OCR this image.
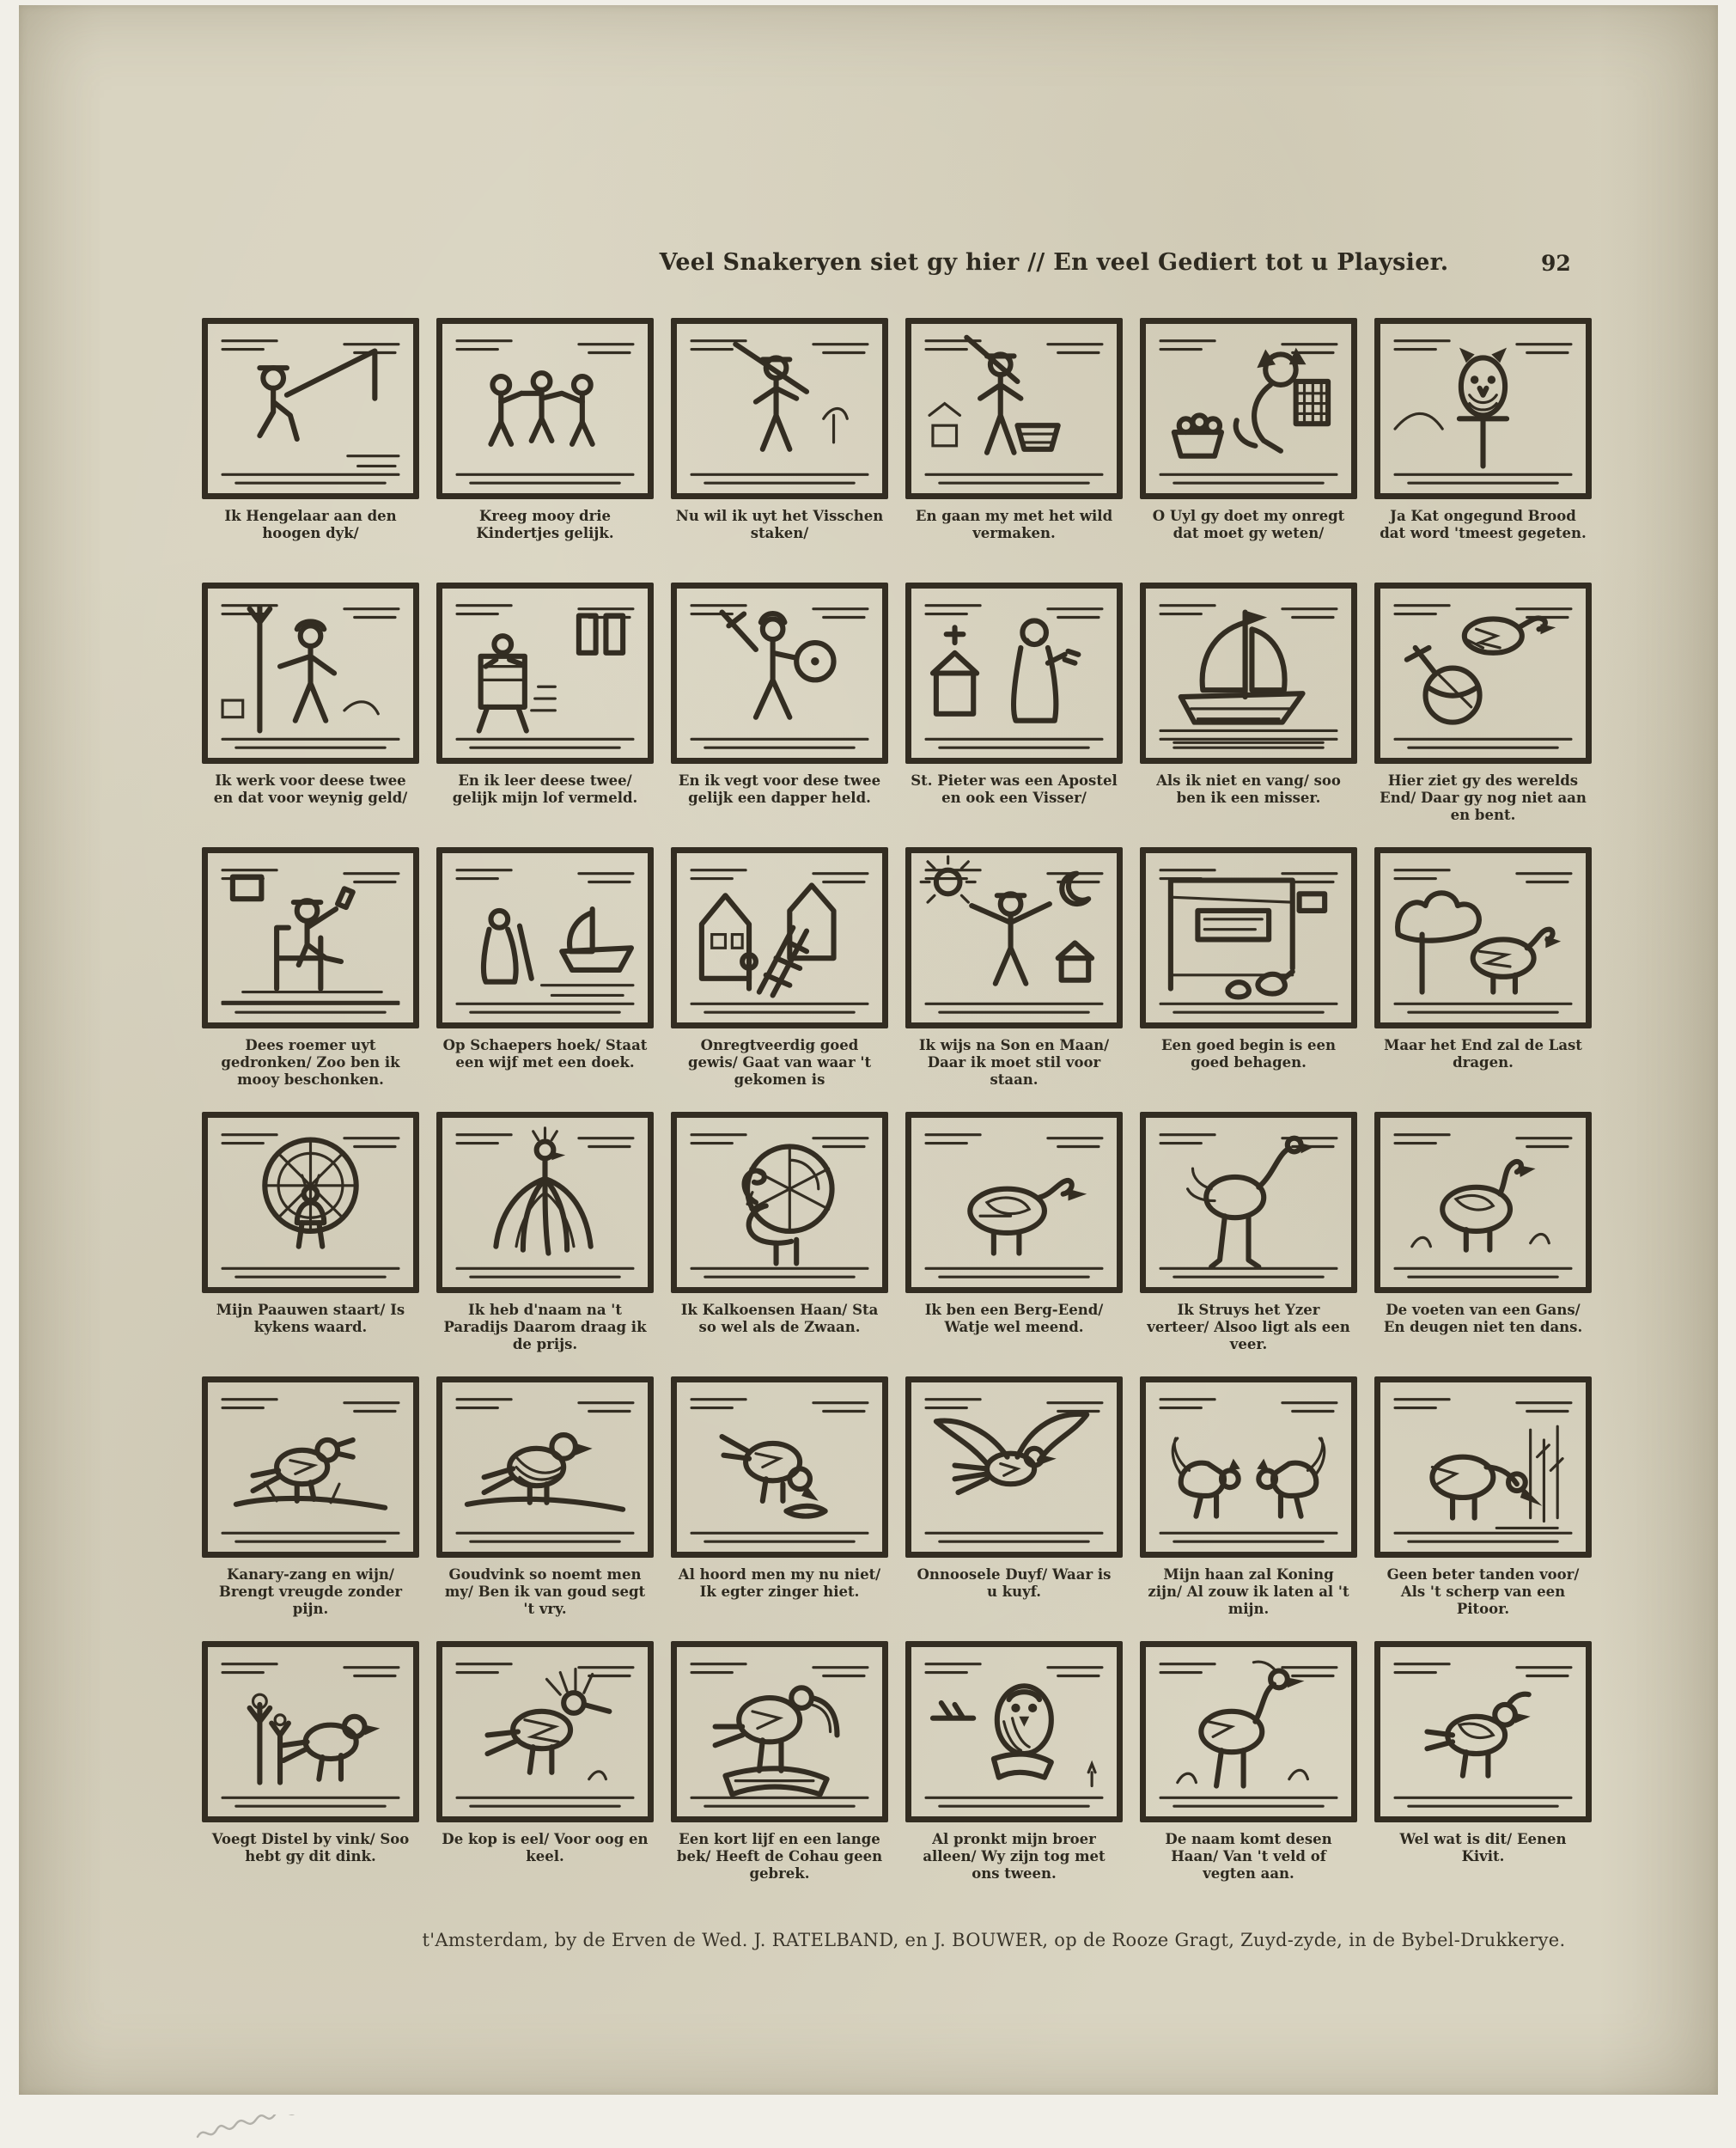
Veel Snakeryen siet gy hier // En veel Gediert tot u Playsier.	92
Ik Hengelaar aan den hoogen dyk/
Kreeg mooy drie Kindertjes gelijk.
Nu wil ik uyt het Visschen staken/
En gaan my met het wild vermaken.
O Uyl gy doet my onregt dat moet gy weten/
Ja Kat ongegund Brood dat word 'tmeest gegeten.
Ik werk voor deese twee en dat voor weynig geld/
En ik leer deese twee/ gelijk mijn lof vermeld.
En ik vegt voor dese twee gelijk een dapper held.
St. Pieter was een Apostel en ook een Visser/
Als ik niet en vang/ soo ben ik een misser.
Hier ziet gy des werelds End/ Daar gy nog niet aan en bent.
Dees roemer uyt gedronken/ Zoo ben ik mooy beschonken.
Op Schaepers hoek/ Staat een wijf met een doek.
Onregtveerdig goed gewis/ Gaat van waar 't gekomen is
Ik wijs na Son en Maan/ Daar ik moet stil voor staan.
Een goed begin is een goed behagen.
Maar het End zal de Last dragen.
Mijn Paauwen staart/ Is kykens waard.
Ik heb d'naam na 't Paradijs Daarom draag ik de prijs.
Ik Kalkoensen Haan/ Sta so wel als de Zwaan.
Ik ben een Berg-Eend/ Watje wel meend.
Ik Struys het Yzer verteer/ Alsoo ligt als een veer.
De voeten van een Gans/ En deugen niet ten dans.
Kanary-zang en wijn/ Brengt vreugde zonder pijn.
Goudvink so noemt men my/ Ben ik van goud segt 't vry.
Al hoord men my nu niet/ Ik egter zinger hiet.
Onnoosele Duyf/ Waar is u kuyf.
Mijn haan zal Koning zijn/ Al zouw ik laten al 't mijn.
Geen beter tanden voor/ Als 't scherp van een Pitoor.
Voegt Distel by vink/ Soo hebt gy dit dink.
De kop is eel/ Voor oog en keel.
Een kort lijf en een lange bek/ Heeft de Cohau geen gebrek.
Al pronkt mijn broer alleen/ Wy zijn tog met ons tween.
De naam komt desen Haan/ Van 't veld of vegten aan.
Wel wat is dit/ Eenen Kivit.
t'Amsterdam, by de Erven de Wed. J. RATELBAND, en J. BOUWER, op de Rooze Gragt, Zuyd-zyde, in de Bybel-Drukkerye.
